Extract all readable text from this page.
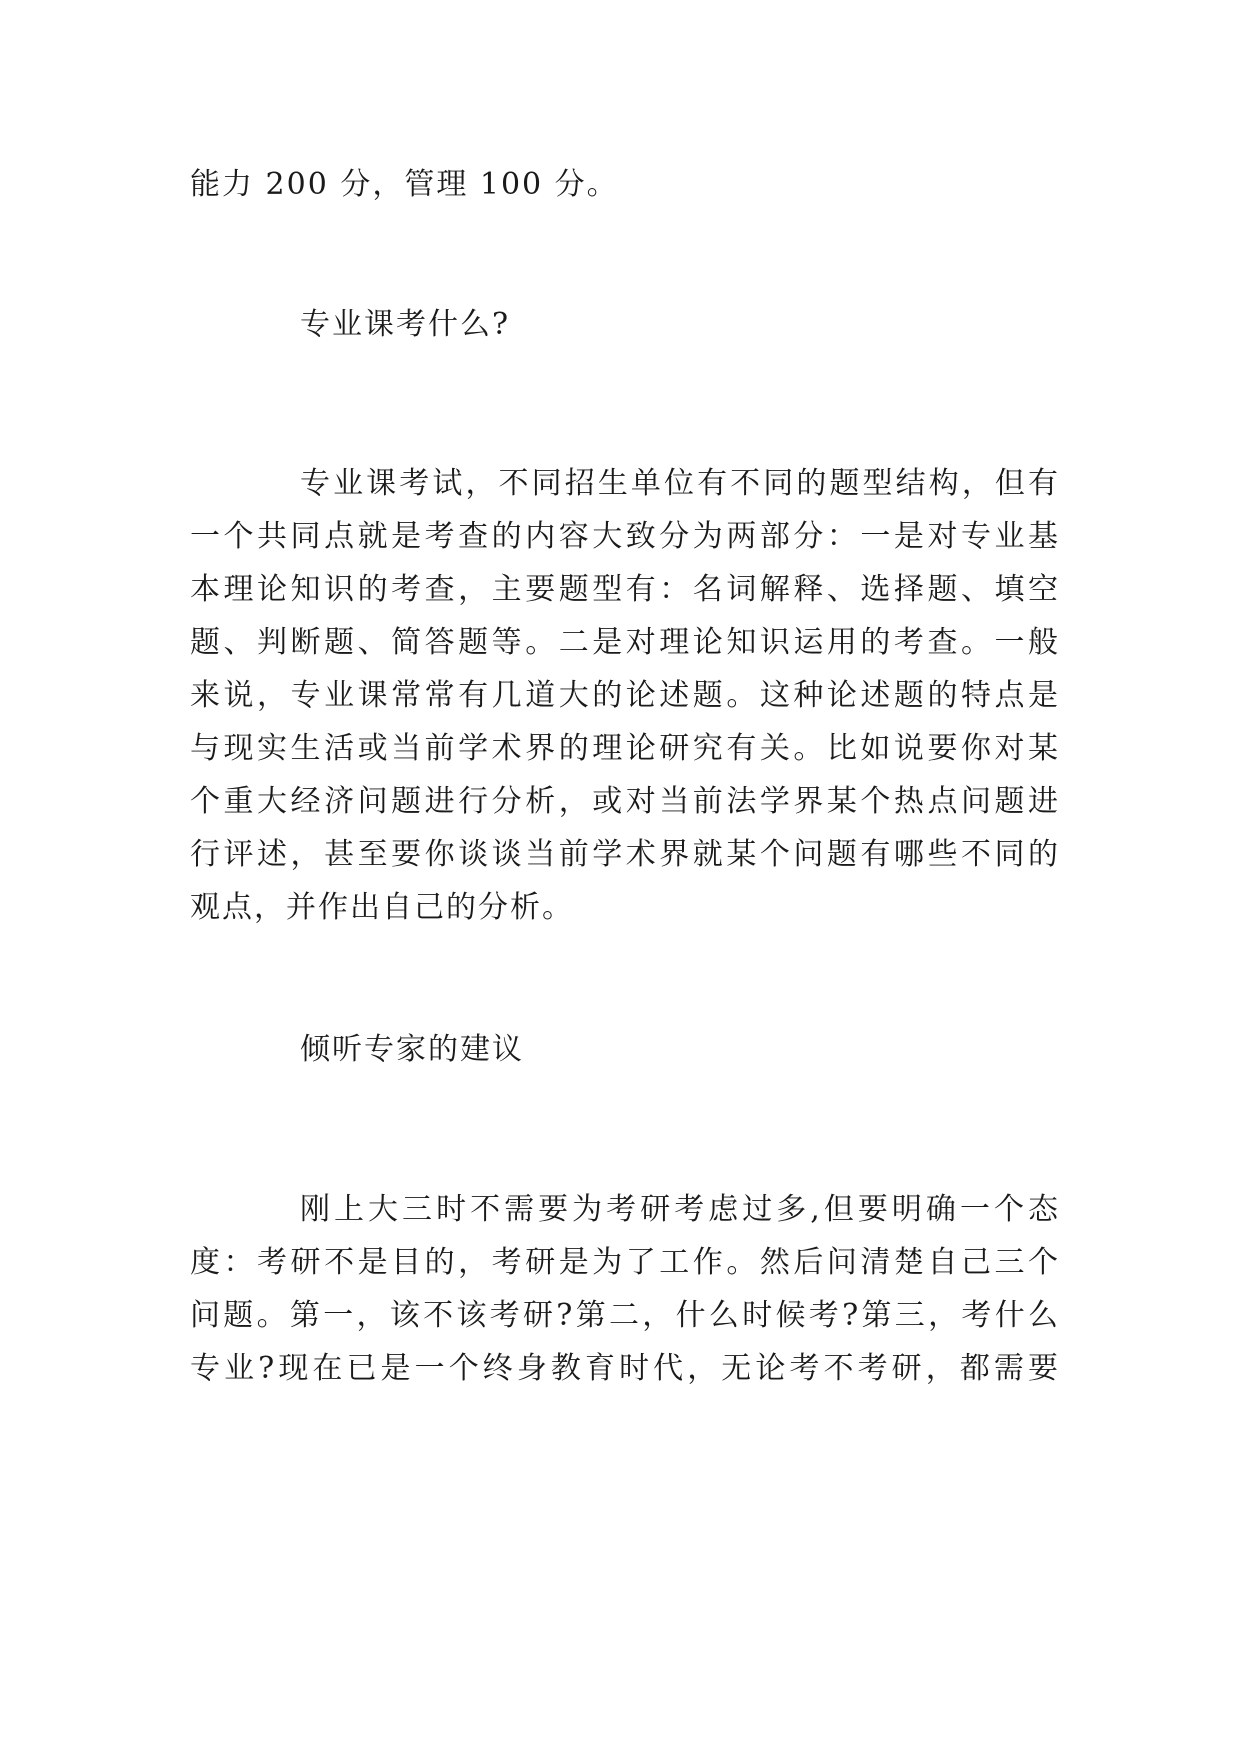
能力 200 分，管理 100 分。
专业课考什么?
专业课考试，不同招生单位有不同的题型结构，但有
一个共同点就是考查的内容大致分为两部分：一是对专业基
本理论知识的考查，主要题型有：名词解释、选择题、填空
题、判断题、简答题等。二是对理论知识运用的考查。一般
来说，专业课常常有几道大的论述题。这种论述题的特点是
与现实生活或当前学术界的理论研究有关。比如说要你对某
个重大经济问题进行分析，或对当前法学界某个热点问题进
行评述，甚至要你谈谈当前学术界就某个问题有哪些不同的
观点，并作出自己的分析。
倾听专家的建议
刚上大三时不需要为考研考虑过多,但要明确一个态
度：考研不是目的，考研是为了工作。然后问清楚自己三个
问题。第一，该不该考研?第二，什么时候考?第三，考什么
专业?现在已是一个终身教育时代，无论考不考研，都需要
